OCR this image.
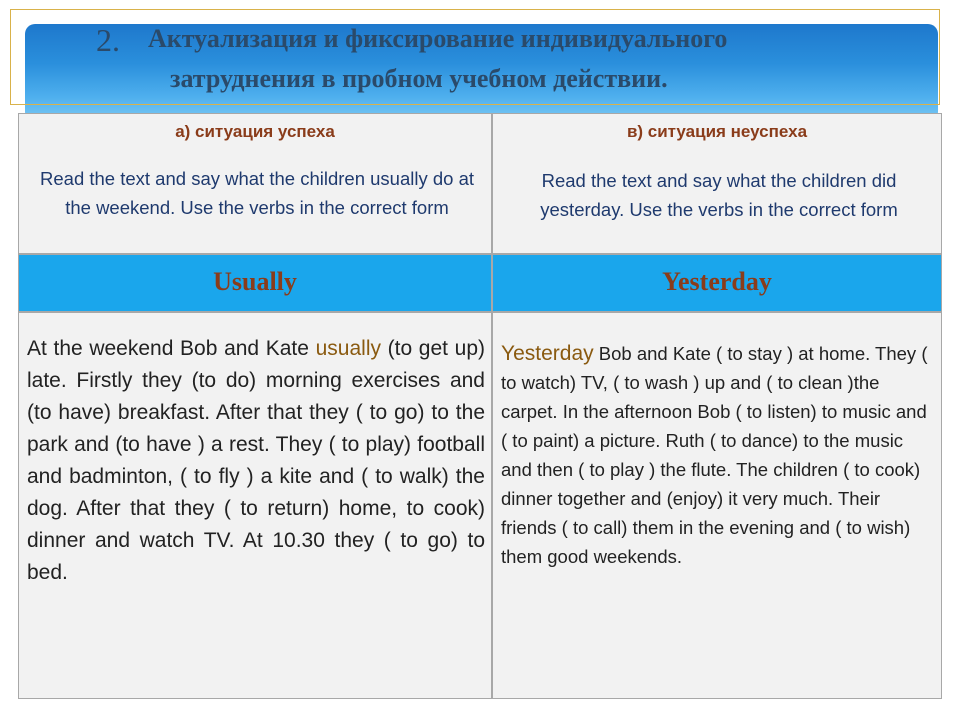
2. Актуализация и фиксирование индивидуального
затруднения в пробном учебном действии.
а) ситуация успеха
Read the text and say what the children usually do at the weekend. Use the verbs in the correct form
в) ситуация неуспеха
Read the text and say what the children did yesterday. Use the verbs in the correct form
Usually	Yesterday
At the weekend Bob and Kate usually (to get up) late. Firstly they (to do) morning exercises and (to have) breakfast. After that they ( to go) to the park and (to have ) a rest. They ( to play) football and badminton, ( to fly ) a kite and ( to walk) the dog. After that they ( to return) home, to cook) dinner and watch TV. At 10.30 they ( to go) to bed.
Yesterday Bob and Kate ( to stay ) at home. They ( to watch) TV, ( to wash ) up and ( to clean )the carpet. In the afternoon Bob ( to listen) to music and ( to paint) a picture. Ruth ( to dance) to the music and then ( to play ) the flute. The children ( to cook) dinner together and (enjoy) it very much. Their friends ( to call) them in the evening and ( to wish) them good weekends.
